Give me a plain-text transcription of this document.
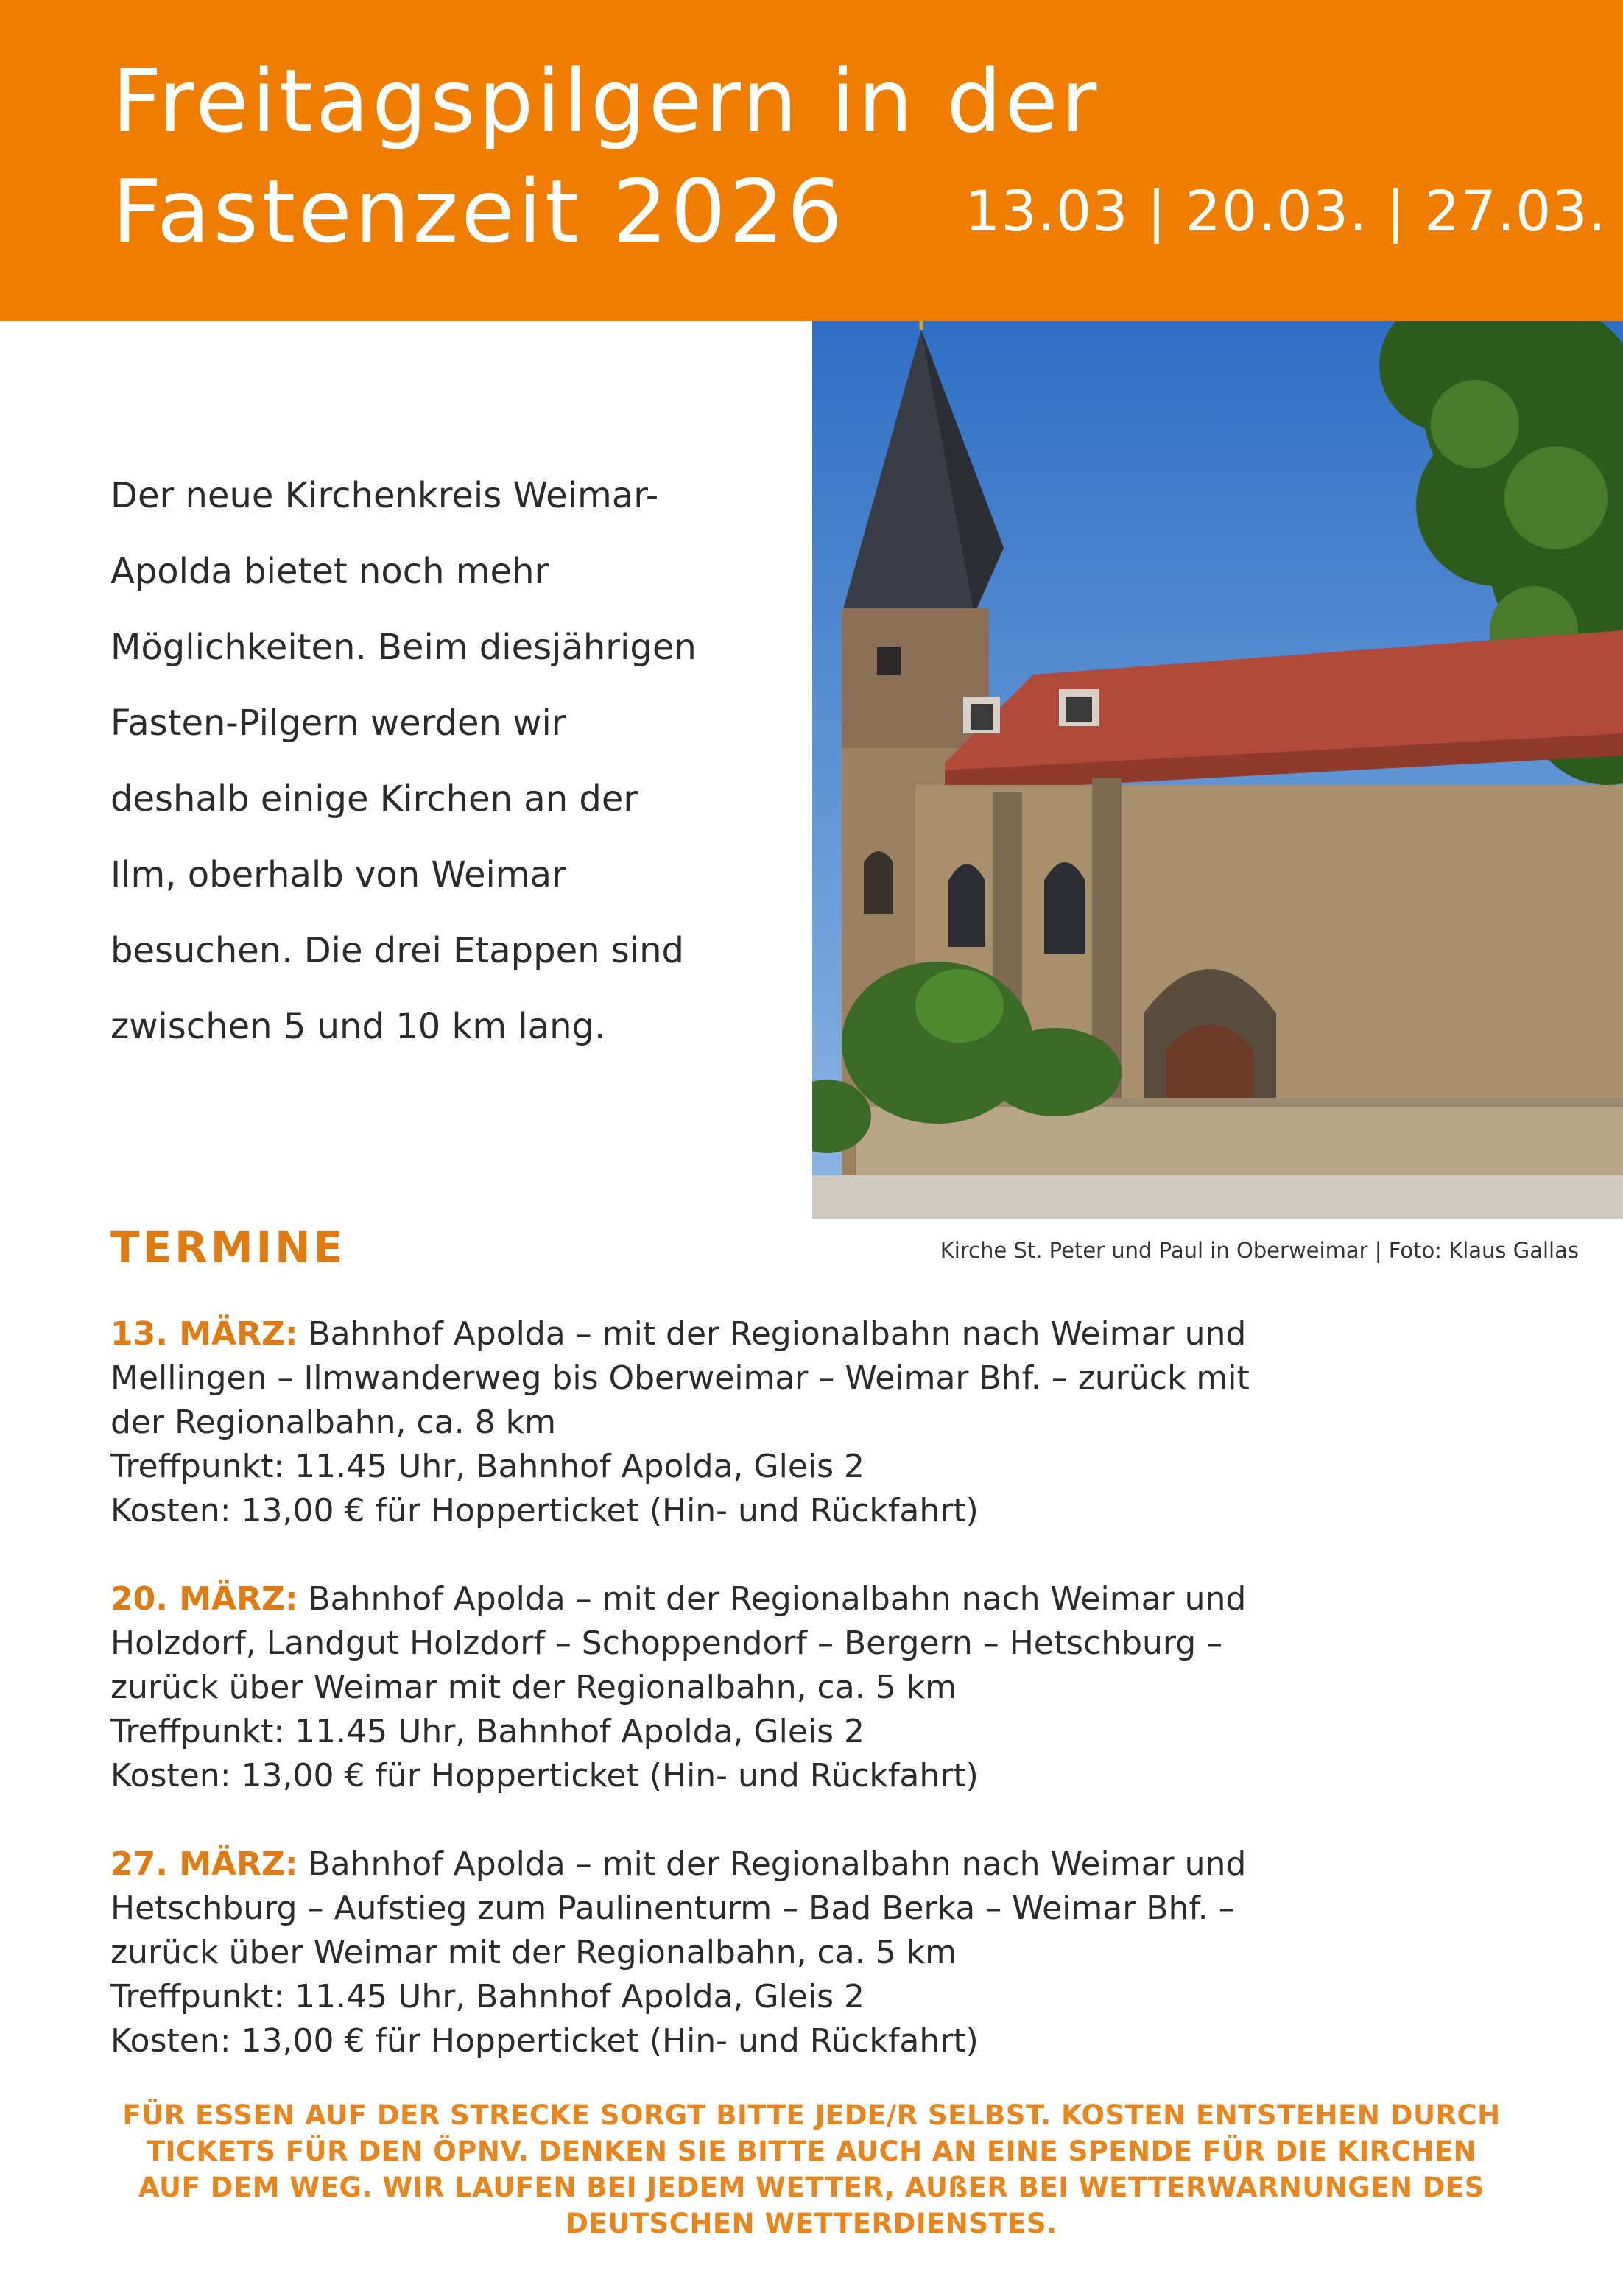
Freitagspilgern in der
Fastenzeit 2026	13.03 | 20.03. | 27.03.

Der neue Kirchenkreis Weimar-
Apolda bietet noch mehr
Möglichkeiten. Beim diesjährigen
Fasten-Pilgern werden wir
deshalb einige Kirchen an der
Ilm, oberhalb von Weimar
besuchen. Die drei Etappen sind
zwischen 5 und 10 km lang.

Kirche St. Peter und Paul in Oberweimar | Foto: Klaus Gallas
TERMINE
13. MÄRZ: Bahnhof Apolda – mit der Regionalbahn nach Weimar und
Mellingen – Ilmwanderweg bis Oberweimar – Weimar Bhf. – zurück mit
der Regionalbahn, ca. 8 km
Treffpunkt: 11.45 Uhr, Bahnhof Apolda, Gleis 2
Kosten: 13,00 € für Hopperticket (Hin- und Rückfahrt)
20. MÄRZ: Bahnhof Apolda – mit der Regionalbahn nach Weimar und
Holzdorf, Landgut Holzdorf – Schoppendorf – Bergern – Hetschburg –
zurück über Weimar mit der Regionalbahn, ca. 5 km
Treffpunkt: 11.45 Uhr, Bahnhof Apolda, Gleis 2
Kosten: 13,00 € für Hopperticket (Hin- und Rückfahrt)
27. MÄRZ: Bahnhof Apolda – mit der Regionalbahn nach Weimar und
Hetschburg – Aufstieg zum Paulinenturm – Bad Berka – Weimar Bhf. –
zurück über Weimar mit der Regionalbahn, ca. 5 km
Treffpunkt: 11.45 Uhr, Bahnhof Apolda, Gleis 2
Kosten: 13,00 € für Hopperticket (Hin- und Rückfahrt)

FÜR ESSEN AUF DER STRECKE SORGT BITTE JEDE/R SELBST. KOSTEN ENTSTEHEN DURCH
TICKETS FÜR DEN ÖPNV. DENKEN SIE BITTE AUCH AN EINE SPENDE FÜR DIE KIRCHEN
AUF DEM WEG. WIR LAUFEN BEI JEDEM WETTER, AUßER BEI WETTERWARNUNGEN DES
DEUTSCHEN WETTERDIENSTES.
